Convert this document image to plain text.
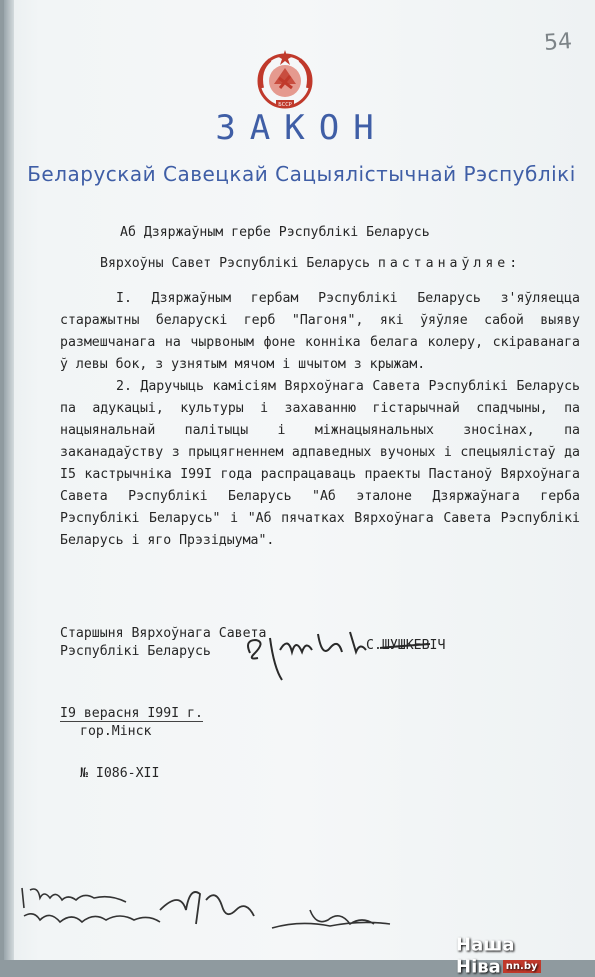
54
БССР
ЗАКОН
Беларускай Савецкай Сацыялістычнай Рэспублікі
Аб Дзяржаўным гербе Рэспублікі Беларусь
Вярхоўны Савет Рэспублікі Беларусь пастанаўляе:
I. Дзяржаўным гербам Рэспублікі Беларусь з'яўляецца старажытны беларускі герб "Пагоня", які ўяўляе сабой выяву размешчанага на чырвоным фоне конніка белага колеру, скіраванага ў левы бок, з узнятым мячом і шчытом з крыжам.
2. Даручыць камісіям Вярхоўнага Савета Рэспублікі Беларусь па адукацыі, культуры і захаванню гістарычнай спадчыны, па нацыянальнай палітыцы і міжнацыянальных зносінах, па заканадаўству з прыцягненнем адпаведных вучоных і спецыялістаў да I5 кастрычніка I99I года распрацаваць праекты Пастаноў Вярхоўнага Савета Рэспублікі Беларусь "Аб эталоне Дзяржаўнага герба Рэспублікі Беларусь" і "Аб пячатках Вярхоўнага Савета Рэспублікі Беларусь і яго Прэзідыума".
Старшыня Вярхоўнага Савета
Рэспублікі Беларусь	С.ШУШКЕВІЧ
I9 верасня I99I г.
гор.Мінск
№ I086-XII
Наша Ніва nn.by
